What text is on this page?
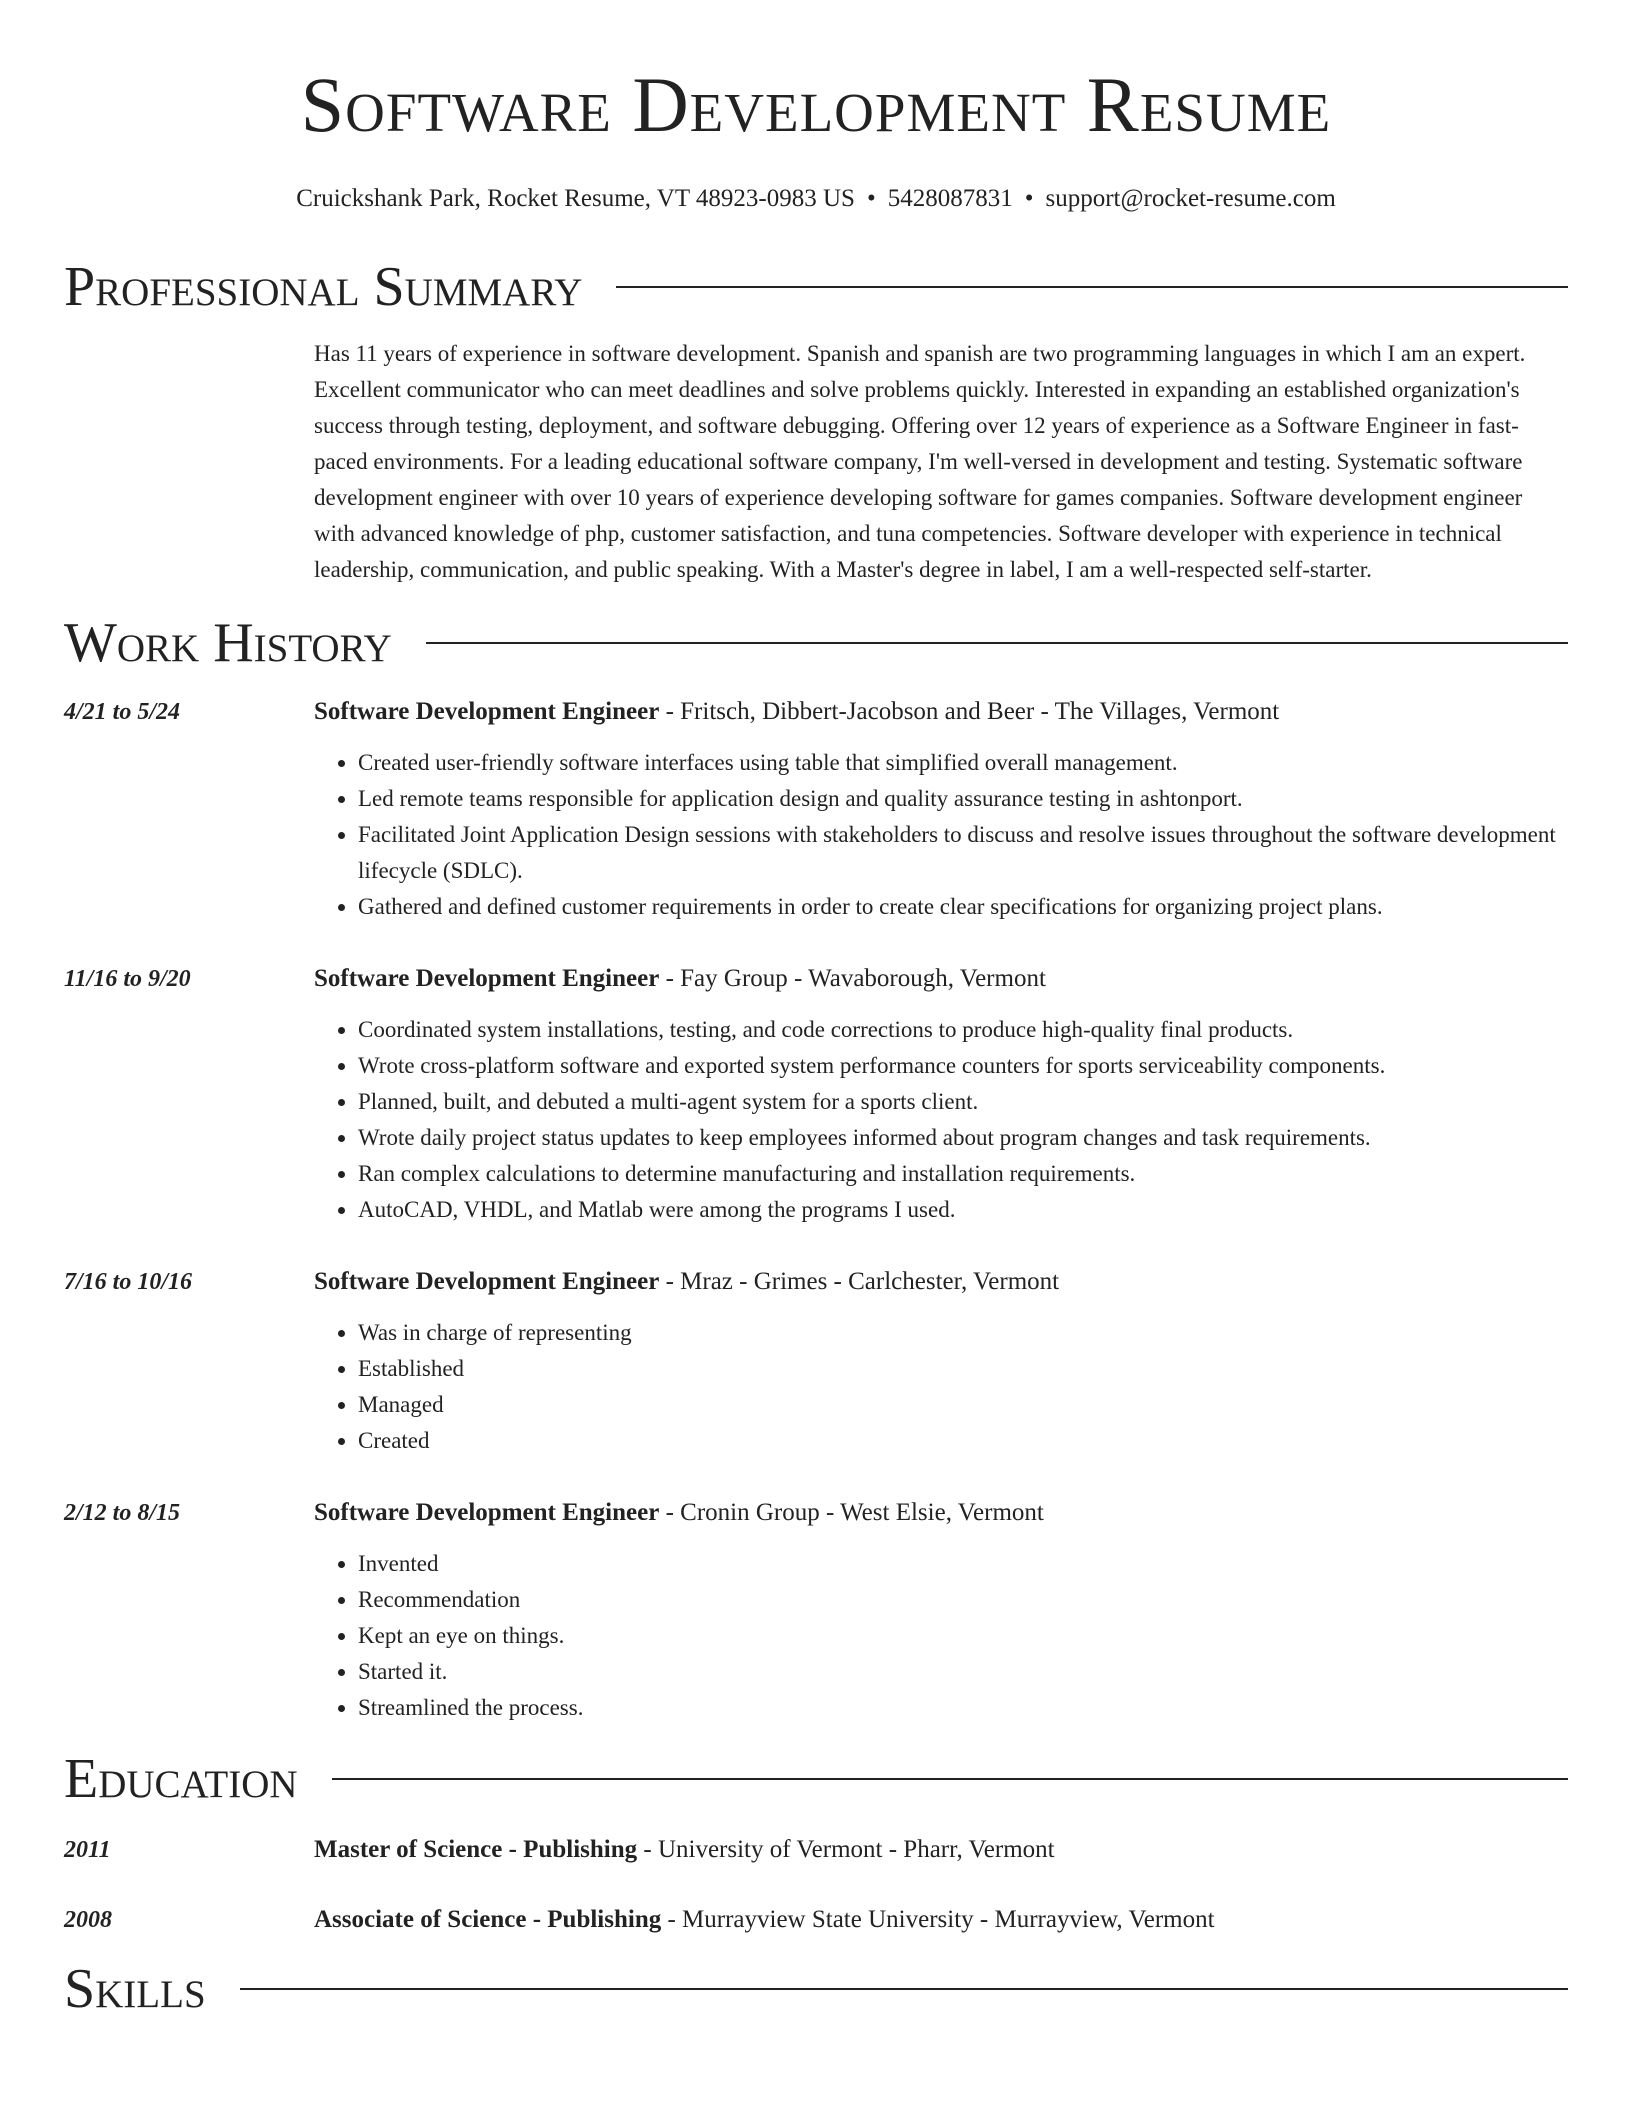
Software Development Resume
Cruickshank Park, Rocket Resume, VT 48923-0983 US • 5428087831 • support@rocket-resume.com
Professional Summary
Has 11 years of experience in software development. Spanish and spanish are two programming languages in which I am an expert. Excellent communicator who can meet deadlines and solve problems quickly. Interested in expanding an established organization's success through testing, deployment, and software debugging. Offering over 12 years of experience as a Software Engineer in fast-paced environments. For a leading educational software company, I'm well-versed in development and testing. Systematic software development engineer with over 10 years of experience developing software for games companies. Software development engineer with advanced knowledge of php, customer satisfaction, and tuna competencies. Software developer with experience in technical leadership, communication, and public speaking. With a Master's degree in label, I am a well-respected self-starter.
Work History
4/21 to 5/24	Software Development Engineer - Fritsch, Dibbert-Jacobson and Beer - The Villages, Vermont
• Created user-friendly software interfaces using table that simplified overall management.
• Led remote teams responsible for application design and quality assurance testing in ashtonport.
• Facilitated Joint Application Design sessions with stakeholders to discuss and resolve issues throughout the software development lifecycle (SDLC).
• Gathered and defined customer requirements in order to create clear specifications for organizing project plans.
11/16 to 9/20	Software Development Engineer - Fay Group - Wavaborough, Vermont
• Coordinated system installations, testing, and code corrections to produce high-quality final products.
• Wrote cross-platform software and exported system performance counters for sports serviceability components.
• Planned, built, and debuted a multi-agent system for a sports client.
• Wrote daily project status updates to keep employees informed about program changes and task requirements.
• Ran complex calculations to determine manufacturing and installation requirements.
• AutoCAD, VHDL, and Matlab were among the programs I used.
7/16 to 10/16	Software Development Engineer - Mraz - Grimes - Carlchester, Vermont
• Was in charge of representing
• Established
• Managed
• Created
2/12 to 8/15	Software Development Engineer - Cronin Group - West Elsie, Vermont
• Invented
• Recommendation
• Kept an eye on things.
• Started it.
• Streamlined the process.
Education
2011	Master of Science - Publishing - University of Vermont - Pharr, Vermont
2008	Associate of Science - Publishing - Murrayview State University - Murrayview, Vermont
Skills
